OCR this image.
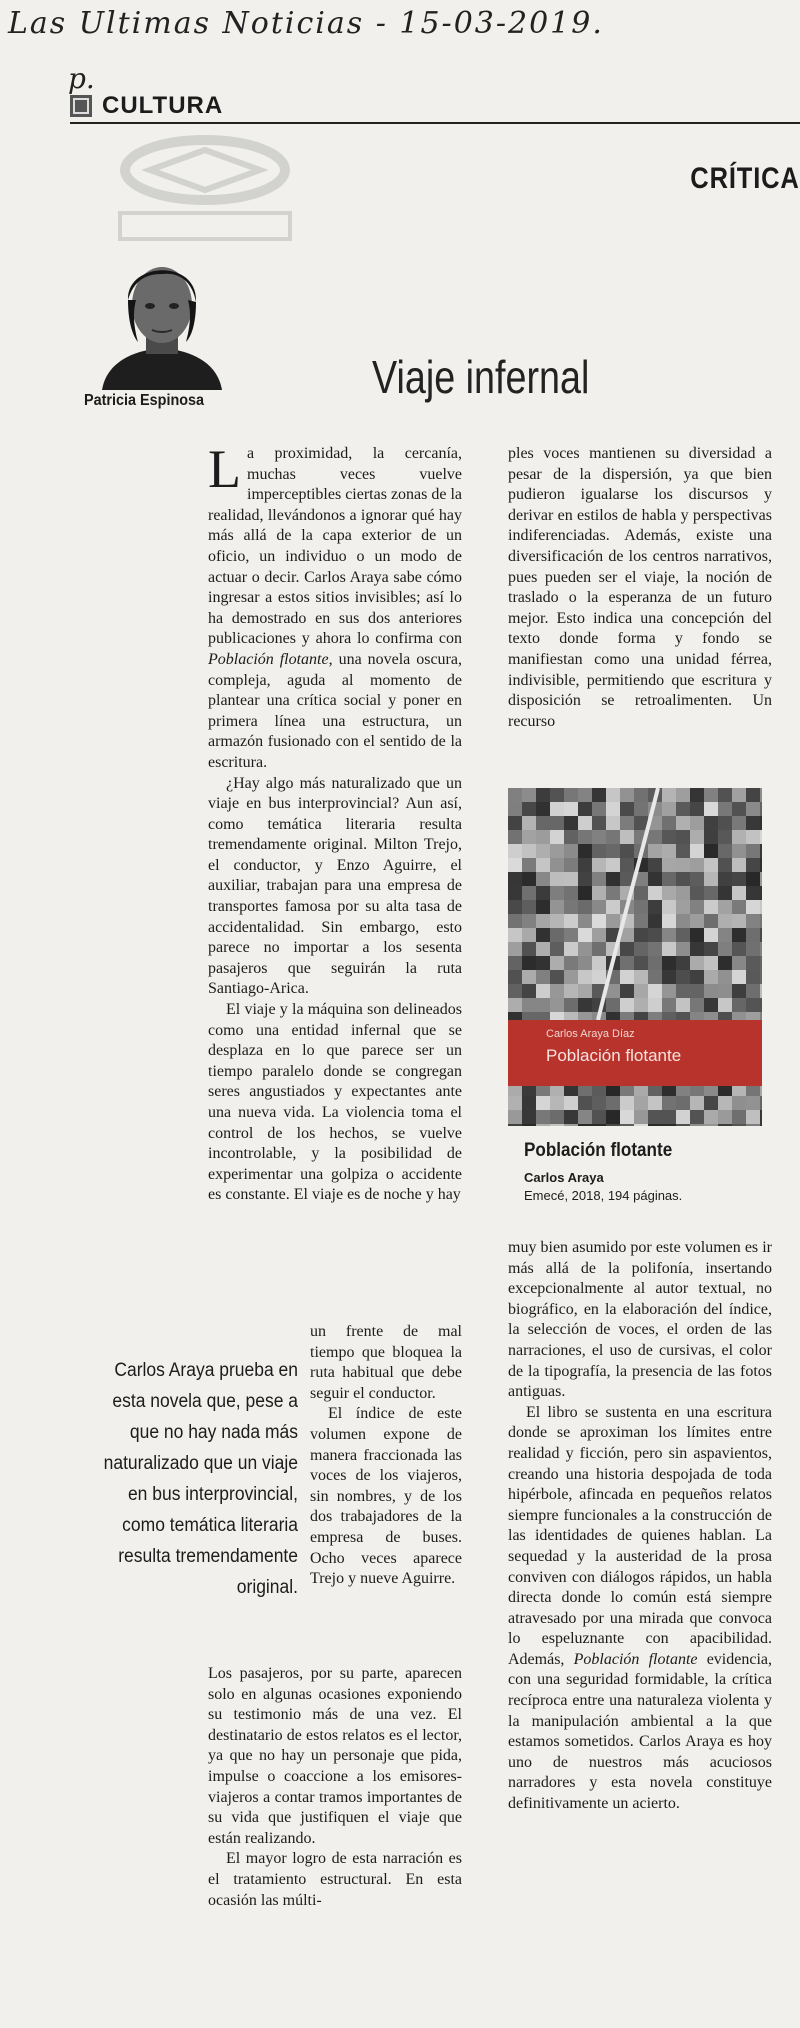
Las Ultimas Noticias - 15-03-2019.
p.
CULTURA
CRÍTICA
Patricia Espinosa	Viaje infernal

La proximidad, la cercanía, muchas veces vuelve imperceptibles ciertas zonas de la realidad, llevándonos a ignorar qué hay más allá de la capa exterior de un oficio, un individuo o un modo de actuar o decir. Carlos Araya sabe cómo ingresar a estos sitios invisibles; así lo ha demostrado en sus dos anteriores publicaciones y ahora lo confirma con Población flotante, una novela oscura, compleja, aguda al momento de plantear una crítica social y poner en primera línea una estructura, un armazón fusionado con el sentido de la escritura.

¿Hay algo más naturalizado que un viaje en bus interprovincial? Aun así, como temática literaria resulta tremendamente original. Milton Trejo, el conductor, y Enzo Aguirre, el auxiliar, trabajan para una empresa de transportes famosa por su alta tasa de accidentalidad. Sin embargo, esto parece no importar a los sesenta pasajeros que seguirán la ruta Santiago-Arica.

El viaje y la máquina son delineados como una entidad infernal que se desplaza en lo que parece ser un tiempo paralelo donde se congregan seres angustiados y expectantes ante una nueva vida. La violencia toma el control de los hechos, se vuelve incontrolable, y la posibilidad de experimentar una golpiza o accidente es constante. El viaje es de noche y hay

un frente de mal tiempo que bloquea la ruta habitual que debe seguir el conductor.

El índice de este volumen expone de manera fraccionada las voces de los viajeros, sin nombres, y de los dos trabajadores de la empresa de buses. Ocho veces aparece Trejo y nueve Aguirre.

Carlos Araya prueba en esta novela que, pese a que no hay nada más naturalizado que un viaje en bus interprovincial, como temática literaria resulta tremendamente original.

Los pasajeros, por su parte, aparecen solo en algunas ocasiones exponiendo su testimonio más de una vez. El destinatario de estos relatos es el lector, ya que no hay un personaje que pida, impulse o coaccione a los emisores-viajeros a contar tramos importantes de su vida que justifiquen el viaje que están realizando.

El mayor logro de esta narración es el tratamiento estructural. En esta ocasión las múlti-

ples voces mantienen su diversidad a pesar de la dispersión, ya que bien pudieron igualarse los discursos y derivar en estilos de habla y perspectivas indiferenciadas. Además, existe una diversificación de los centros narrativos, pues pueden ser el viaje, la noción de traslado o la esperanza de un futuro mejor. Esto indica una concepción del texto donde forma y fondo se manifiestan como una unidad férrea, indivisible, permitiendo que escritura y disposición se retroalimenten. Un recurso

Carlos Araya Díaz
Población flotante
Población flotante
Carlos Araya
Emecé, 2018, 194 páginas.

muy bien asumido por este volumen es ir más allá de la polifonía, insertando excepcionalmente al autor textual, no biográfico, en la elaboración del índice, la selección de voces, el orden de las narraciones, el uso de cursivas, el color de la tipografía, la presencia de las fotos antiguas.

El libro se sustenta en una escritura donde se aproximan los límites entre realidad y ficción, pero sin aspavientos, creando una historia despojada de toda hipérbole, afincada en pequeños relatos siempre funcionales a la construcción de las identidades de quienes hablan. La sequedad y la austeridad de la prosa conviven con diálogos rápidos, un habla directa donde lo común está siempre atravesado por una mirada que convoca lo espeluznante con apacibilidad. Además, Población flotante evidencia, con una seguridad formidable, la crítica recíproca entre una naturaleza violenta y la manipulación ambiental a la que estamos sometidos. Carlos Araya es hoy uno de nuestros más acuciosos narradores y esta novela constituye definitivamente un acierto.
